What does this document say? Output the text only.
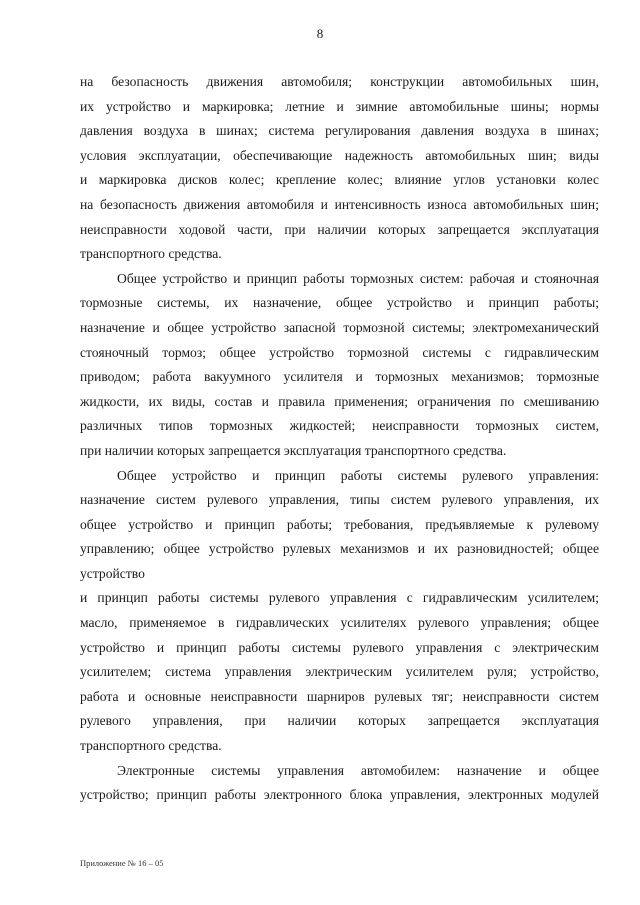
8
на безопасность движения автомобиля; конструкции автомобильных шин,
их устройство и маркировка; летние и зимние автомобильные шины; нормы
давления воздуха в шинах; система регулирования давления воздуха в шинах;
условия эксплуатации, обеспечивающие надежность автомобильных шин; виды
и маркировка дисков колес; крепление колес; влияние углов установки колес
на безопасность движения автомобиля и интенсивность износа автомобильных шин;
неисправности ходовой части, при наличии которых запрещается эксплуатация
транспортного средства.
Общее устройство и принцип работы тормозных систем: рабочая и стояночная
тормозные системы, их назначение, общее устройство и принцип работы;
назначение и общее устройство запасной тормозной системы; электромеханический
стояночный тормоз; общее устройство тормозной системы с гидравлическим
приводом; работа вакуумного усилителя и тормозных механизмов; тормозные
жидкости, их виды, состав и правила применения; ограничения по смешиванию
различных типов тормозных жидкостей; неисправности тормозных систем,
при наличии которых запрещается эксплуатация транспортного средства.
Общее устройство и принцип работы системы рулевого управления:
назначение систем рулевого управления, типы систем рулевого управления, их
общее устройство и принцип работы; требования, предъявляемые к рулевому
управлению; общее устройство рулевых механизмов и их разновидностей; общее
устройство
и принцип работы системы рулевого управления с гидравлическим усилителем;
масло, применяемое в гидравлических усилителях рулевого управления; общее
устройство и принцип работы системы рулевого управления с электрическим
усилителем; система управления электрическим усилителем руля; устройство,
работа и основные неисправности шарниров рулевых тяг; неисправности систем
рулевого управления, при наличии которых запрещается эксплуатация
транспортного средства.
Электронные системы управления автомобилем: назначение и общее
устройство; принцип работы электронного блока управления, электронных модулей
Приложение № 16 – 05
